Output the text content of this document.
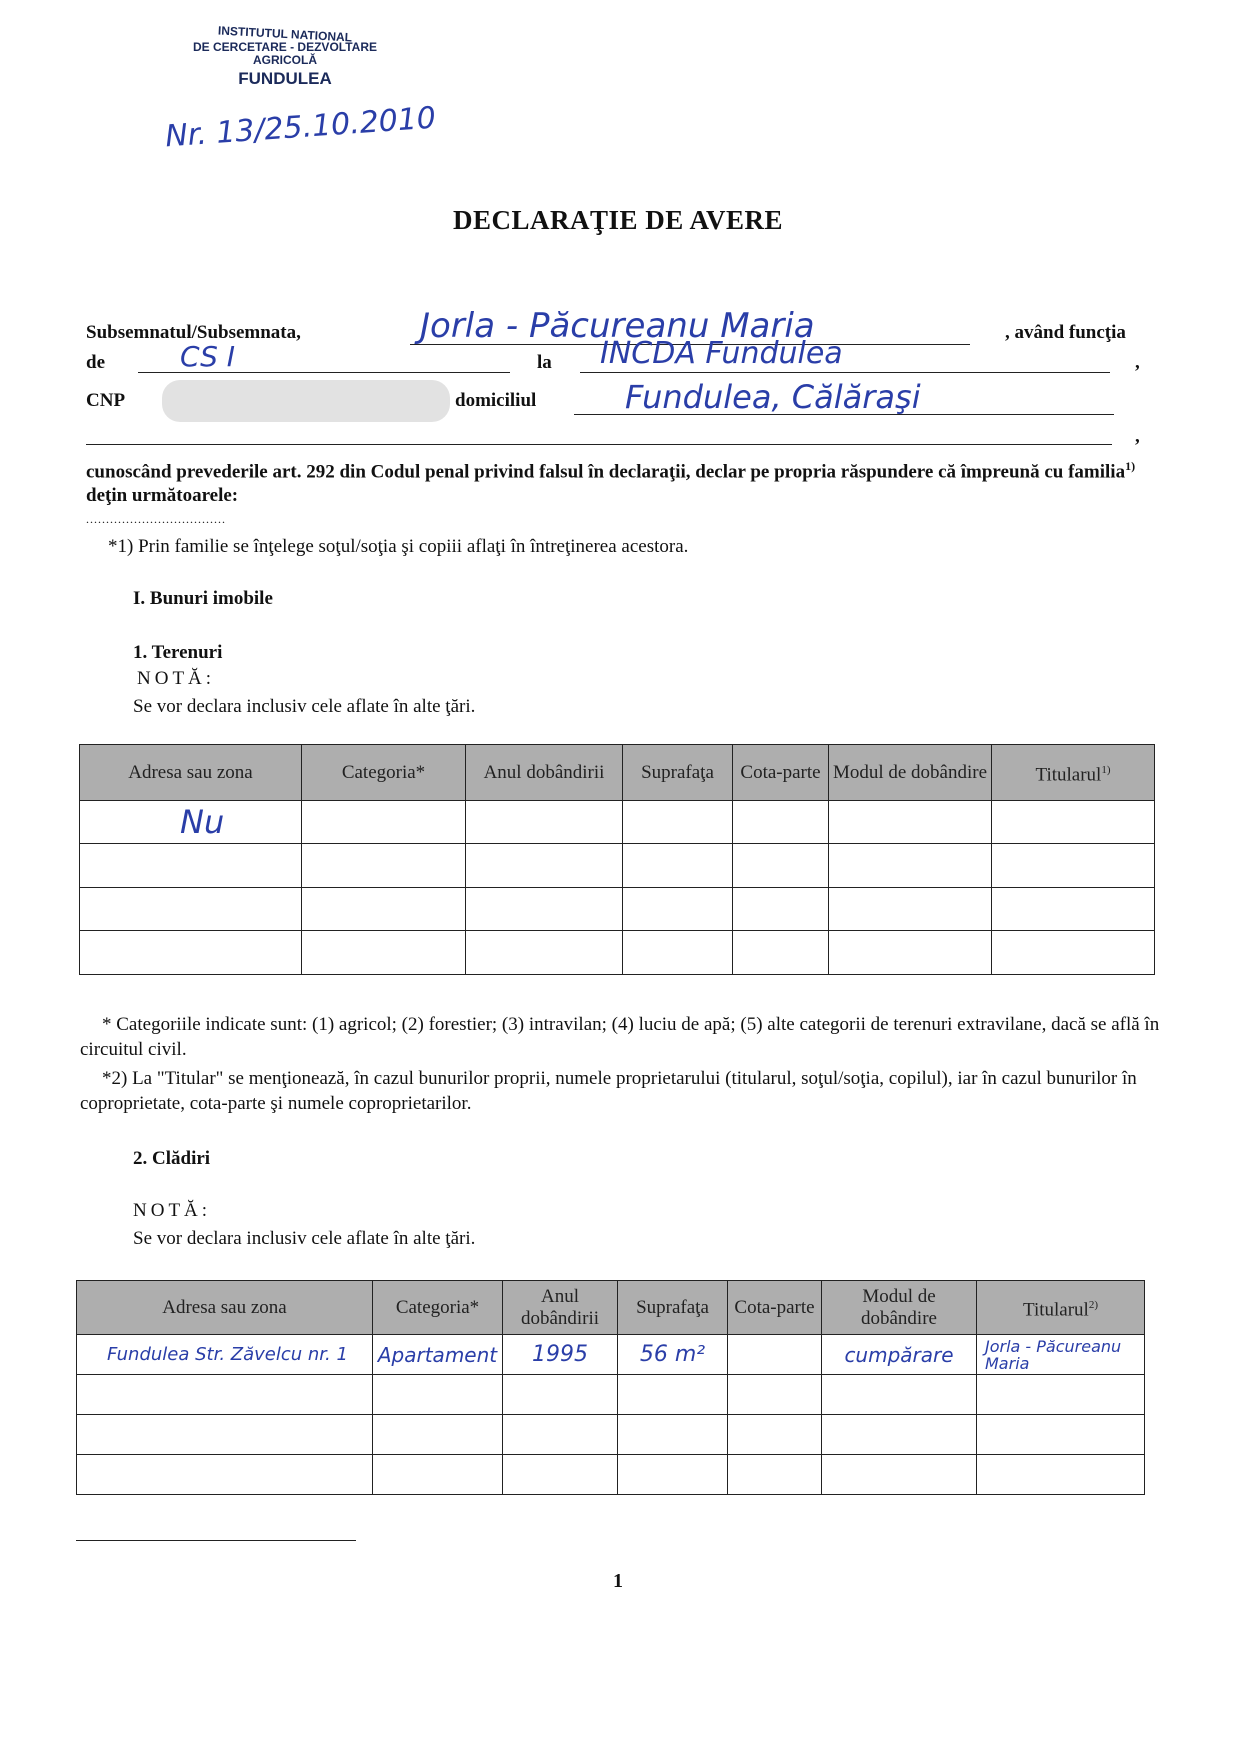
INSTITUTUL NATIONAL
DE CERCETARE - DEZVOLTARE
AGRICOLĂ
FUNDULEA
Nr. 13/25.10.2010
DECLARAŢIE DE AVERE
Subsemnatul/Subsemnata,	Jorla - Păcureanu Maria	, având funcţia
de	CS I	la INCDA Fundulea	,
CNP	domiciliul	Fundulea, Călăraşi
,
cunoscând prevederile art. 292 din Codul penal privind falsul în declaraţii, declar pe propria răspundere că împreună cu familia$^{1)}$ deţin următoarele:
...................................
*1) Prin familie se înţelege soţul/soţia şi copiii aflaţi în întreţinerea acestora.
I. Bunuri imobile
1. Terenuri
NOTĂ:
Se vor declara inclusiv cele aflate în alte ţări.
Adresa sau zona	Categoria*	Anul dobândirii	Suprafaţa	Cota-parte	Modul de dobândire	Titularul$^{1)}$
Nu						

* Categoriile indicate sunt: (1) agricol; (2) forestier; (3) intravilan; (4) luciu de apă; (5) alte categorii de terenuri extravilane, dacă se află în circuitul civil.
*2) La "Titular" se menţionează, în cazul bunurilor proprii, numele proprietarului (titularul, soţul/soţia, copilul), iar în cazul bunurilor în coproprietate, cota-parte şi numele coproprietarilor.
2. Clădiri
NOTĂ:
Se vor declara inclusiv cele aflate în alte ţări.
Adresa sau zona	Categoria*	Anul dobândirii	Suprafaţa	Cota-parte	Modul de dobândire	Titularul$^{2)}$
Fundulea Str. Zăvelcu nr. 1	Apartament	1995	56 m²		cumpărare	Jorla - Păcureanu Maria

1
